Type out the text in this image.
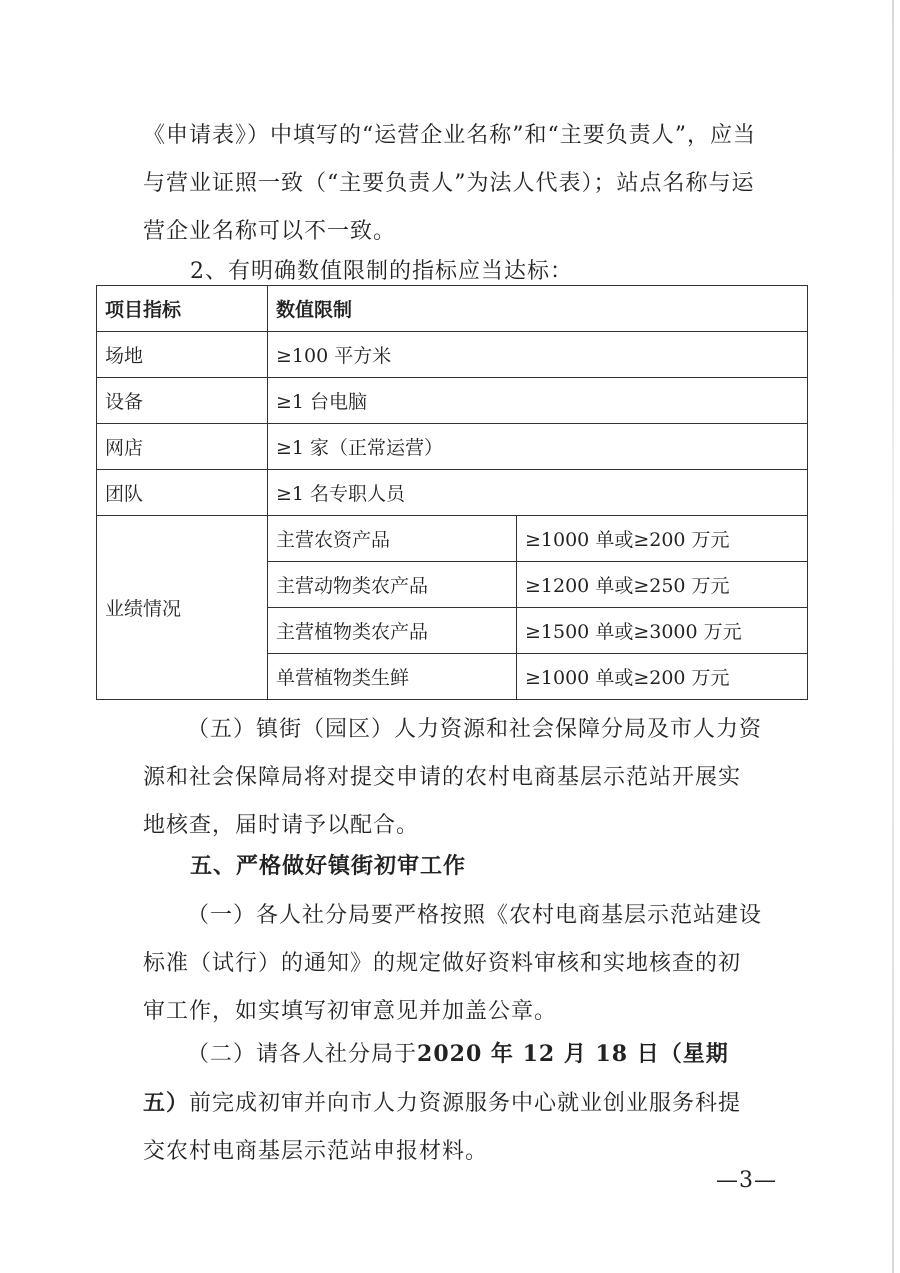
《申请表》）中填写的“运营企业名称”和“主要负责人”，应当与营业证照一致（“主要负责人”为法人代表）；站点名称与运营企业名称可以不一致。

2、有明确数值限制的指标应当达标：

项目指标	数值限制	
场地	≥100 平方米	
设备	≥1 台电脑	
网店	≥1 家（正常运营）	
团队	≥1 名专职人员	
业绩情况	主营农资产品	≥1000 单或≥200 万元
	主营动物类农产品	≥1200 单或≥250 万元
	主营植物类农产品	≥1500 单或≥3000 万元
	单营植物类生鲜	≥1000 单或≥200 万元

（五）镇街（园区）人力资源和社会保障分局及市人力资源和社会保障局将对提交申请的农村电商基层示范站开展实地核查，届时请予以配合。

五、严格做好镇街初审工作

（一）各人社分局要严格按照《农村电商基层示范站建设标准（试行）的通知》的规定做好资料审核和实地核查的初审工作，如实填写初审意见并加盖公章。

（二）请各人社分局于2020 年 12 月 18 日（星期五）前完成初审并向市人力资源服务中心就业创业服务科提交农村电商基层示范站申报材料。

—3—
